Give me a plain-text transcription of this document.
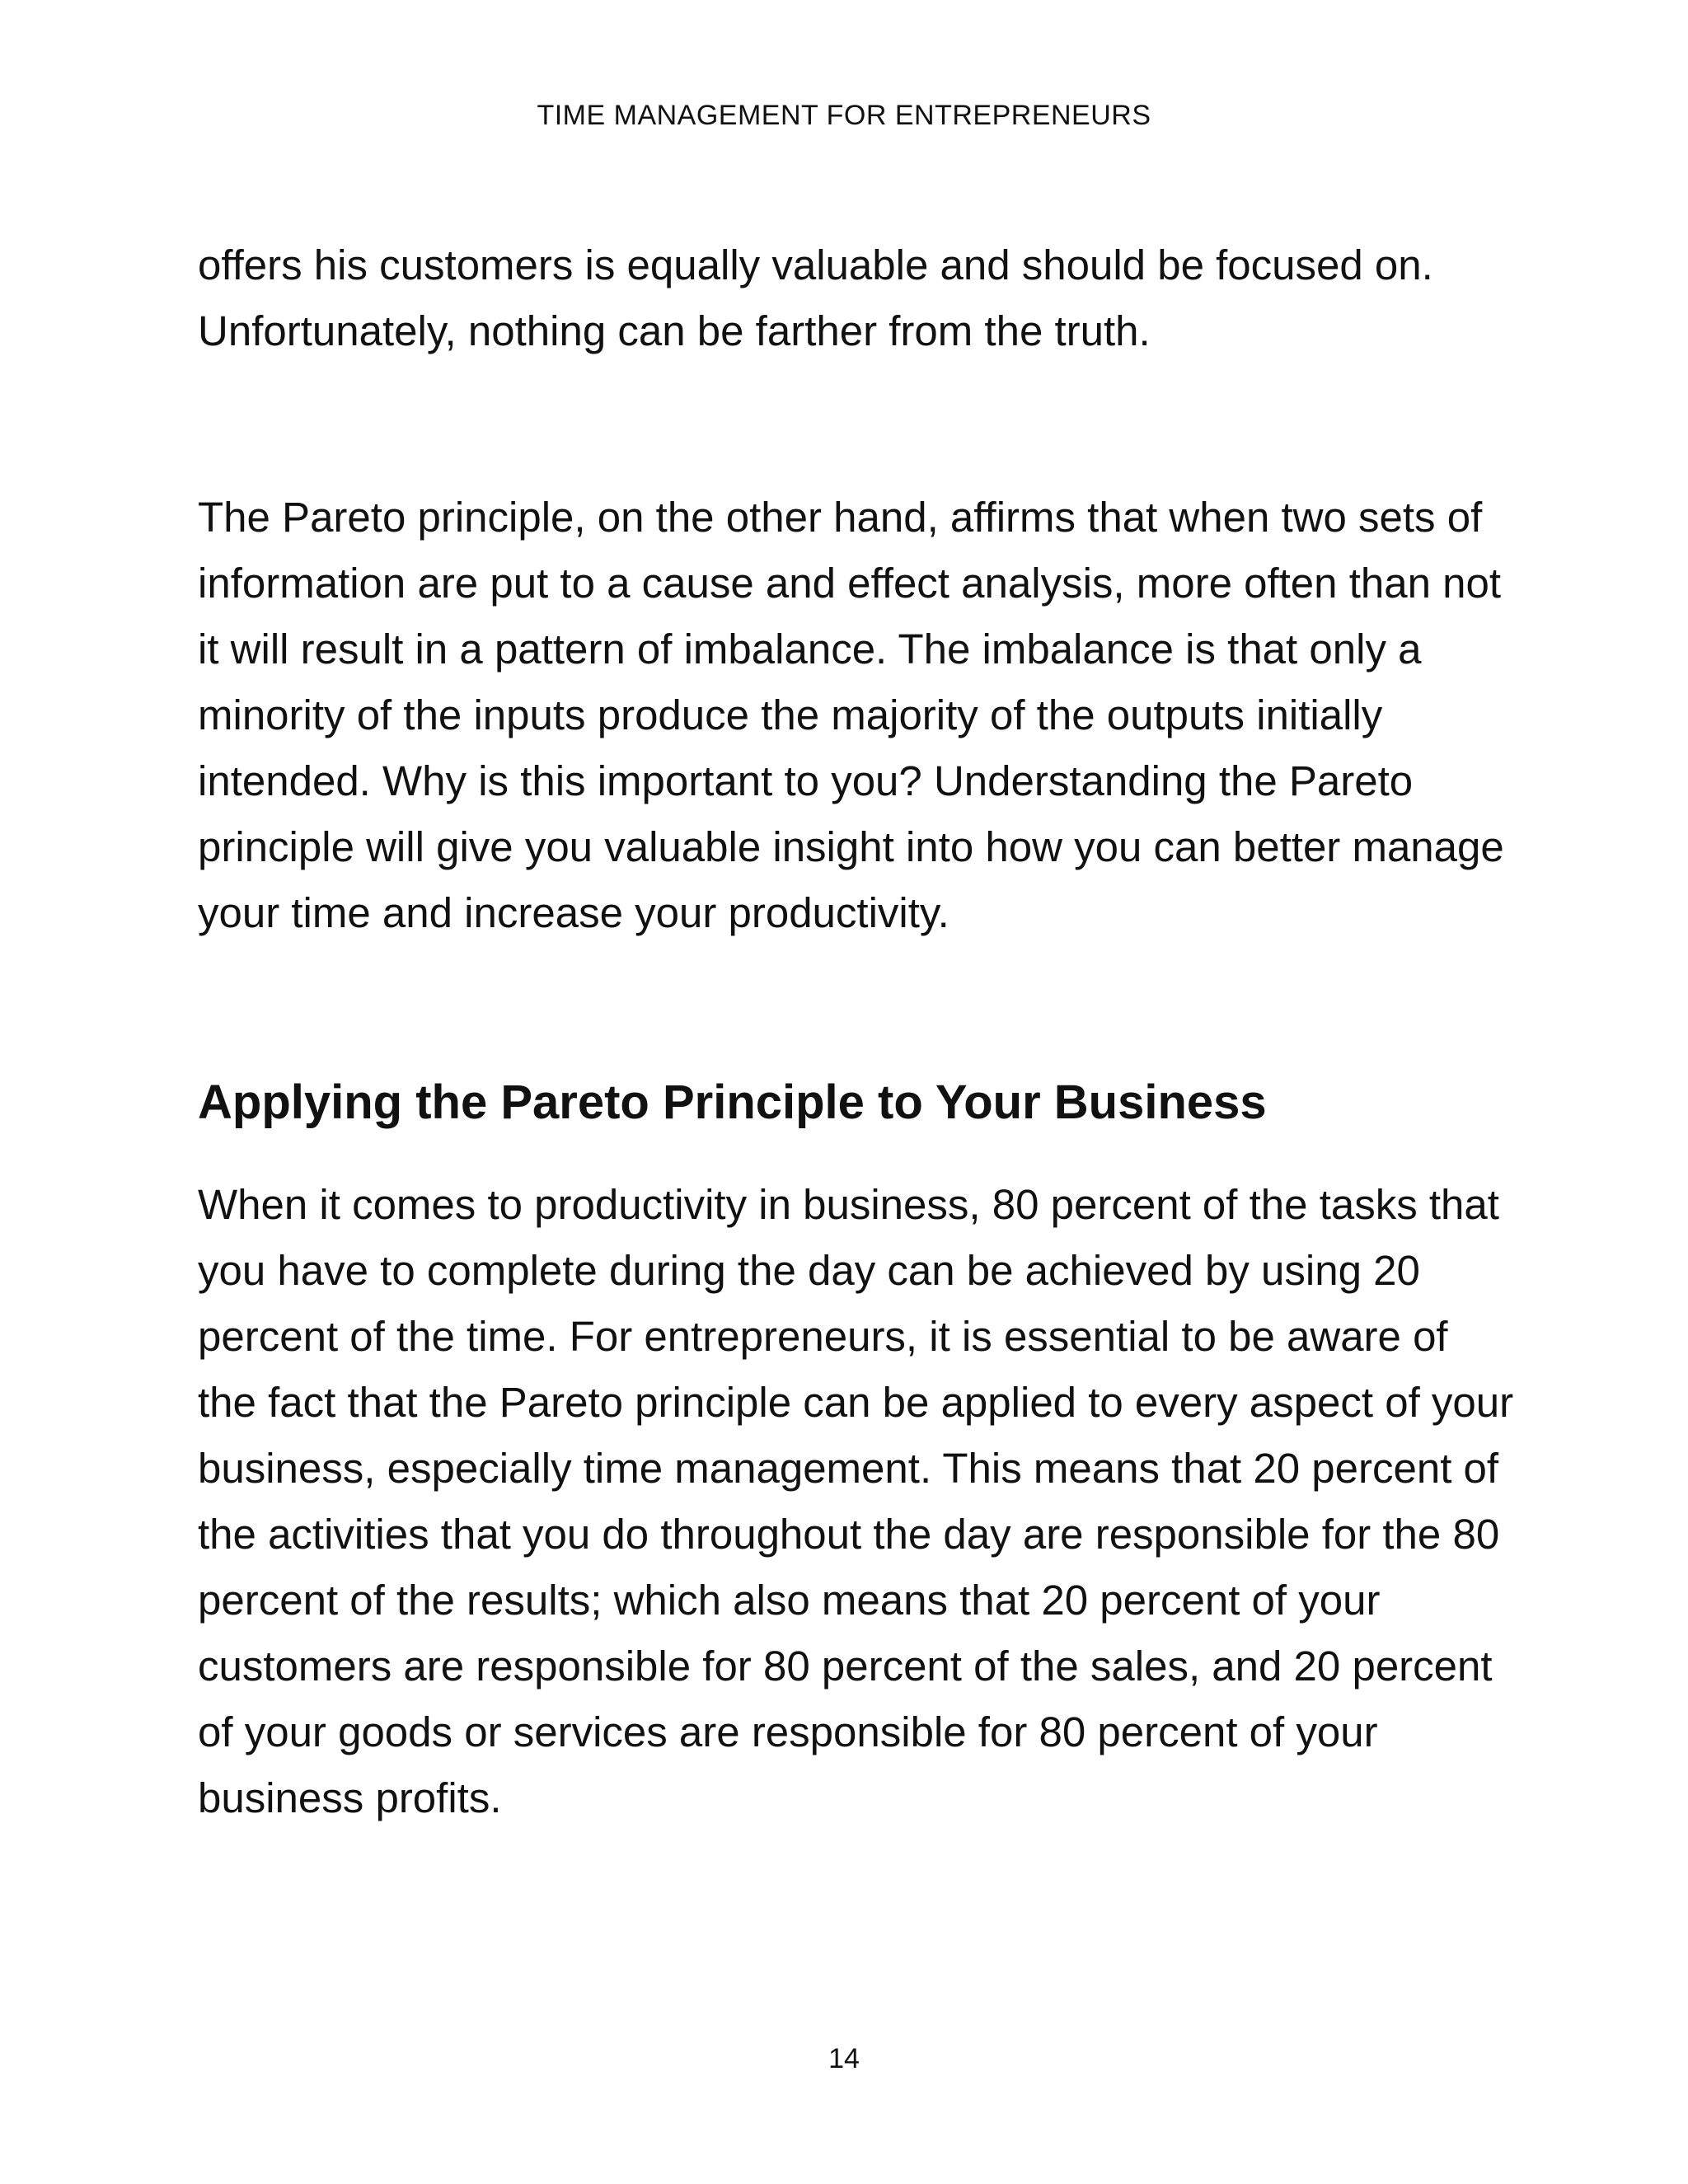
TIME MANAGEMENT FOR ENTREPRENEURS

offers his customers is equally valuable and should be focused on. Unfortunately, nothing can be farther from the truth.

The Pareto principle, on the other hand, affirms that when two sets of information are put to a cause and effect analysis, more often than not it will result in a pattern of imbalance. The imbalance is that only a minority of the inputs produce the majority of the outputs initially intended. Why is this important to you? Understanding the Pareto principle will give you valuable insight into how you can better manage your time and increase your productivity.

Applying the Pareto Principle to Your Business

When it comes to productivity in business, 80 percent of the tasks that you have to complete during the day can be achieved by using 20 percent of the time. For entrepreneurs, it is essential to be aware of the fact that the Pareto principle can be applied to every aspect of your business, especially time management. This means that 20 percent of the activities that you do throughout the day are responsible for the 80 percent of the results; which also means that 20 percent of your customers are responsible for 80 percent of the sales, and 20 percent of your goods or services are responsible for 80 percent of your business profits.

14
